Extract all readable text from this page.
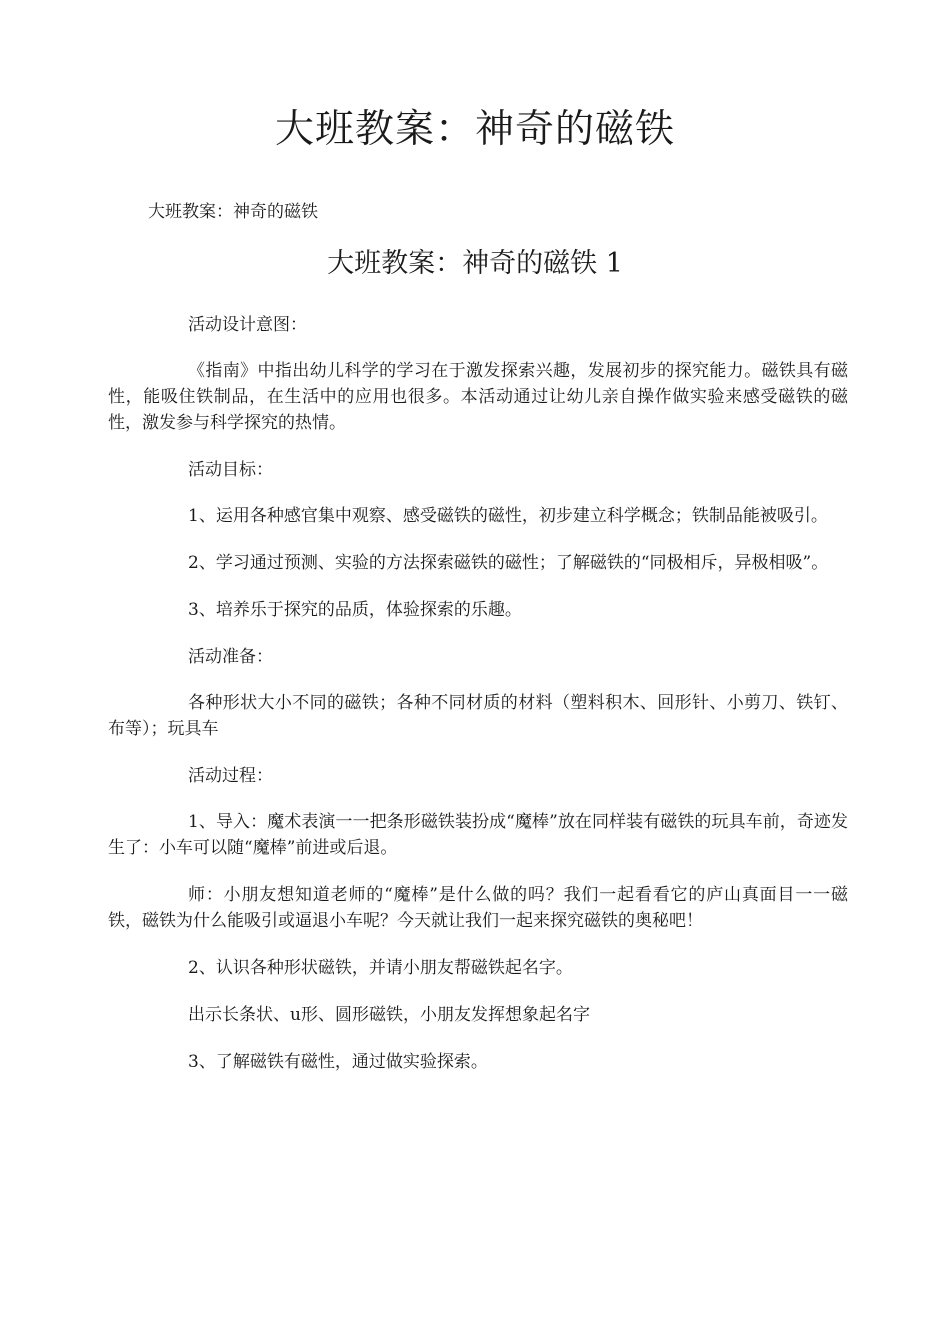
大班教案：神奇的磁铁
大班教案：神奇的磁铁
大班教案：神奇的磁铁 1

活动设计意图：

《指南》中指出幼儿科学的学习在于激发探索兴趣，发展初步的探究能力。磁铁具有磁性，能吸住铁制品，在生活中的应用也很多。本活动通过让幼儿亲自操作做实验来感受磁铁的磁性，激发参与科学探究的热情。

活动目标：

1、运用各种感官集中观察、感受磁铁的磁性，初步建立科学概念；铁制品能被吸引。

2、学习通过预测、实验的方法探索磁铁的磁性；了解磁铁的“同极相斥，异极相吸”。

3、培养乐于探究的品质，体验探索的乐趣。

活动准备：

各种形状大小不同的磁铁；各种不同材质的材料（塑料积木、回形针、小剪刀、铁钉、布等）；玩具车

活动过程：

1、导入：魔术表演一一把条形磁铁装扮成“魔棒”放在同样装有磁铁的玩具车前，奇迹发生了：小车可以随“魔棒”前进或后退。

师：小朋友想知道老师的“魔棒”是什么做的吗？我们一起看看它的庐山真面目一一磁铁，磁铁为什么能吸引或逼退小车呢？今天就让我们一起来探究磁铁的奥秘吧！

2、认识各种形状磁铁，并请小朋友帮磁铁起名字。

出示长条状、u形、圆形磁铁，小朋友发挥想象起名字

3、了解磁铁有磁性，通过做实验探索。
